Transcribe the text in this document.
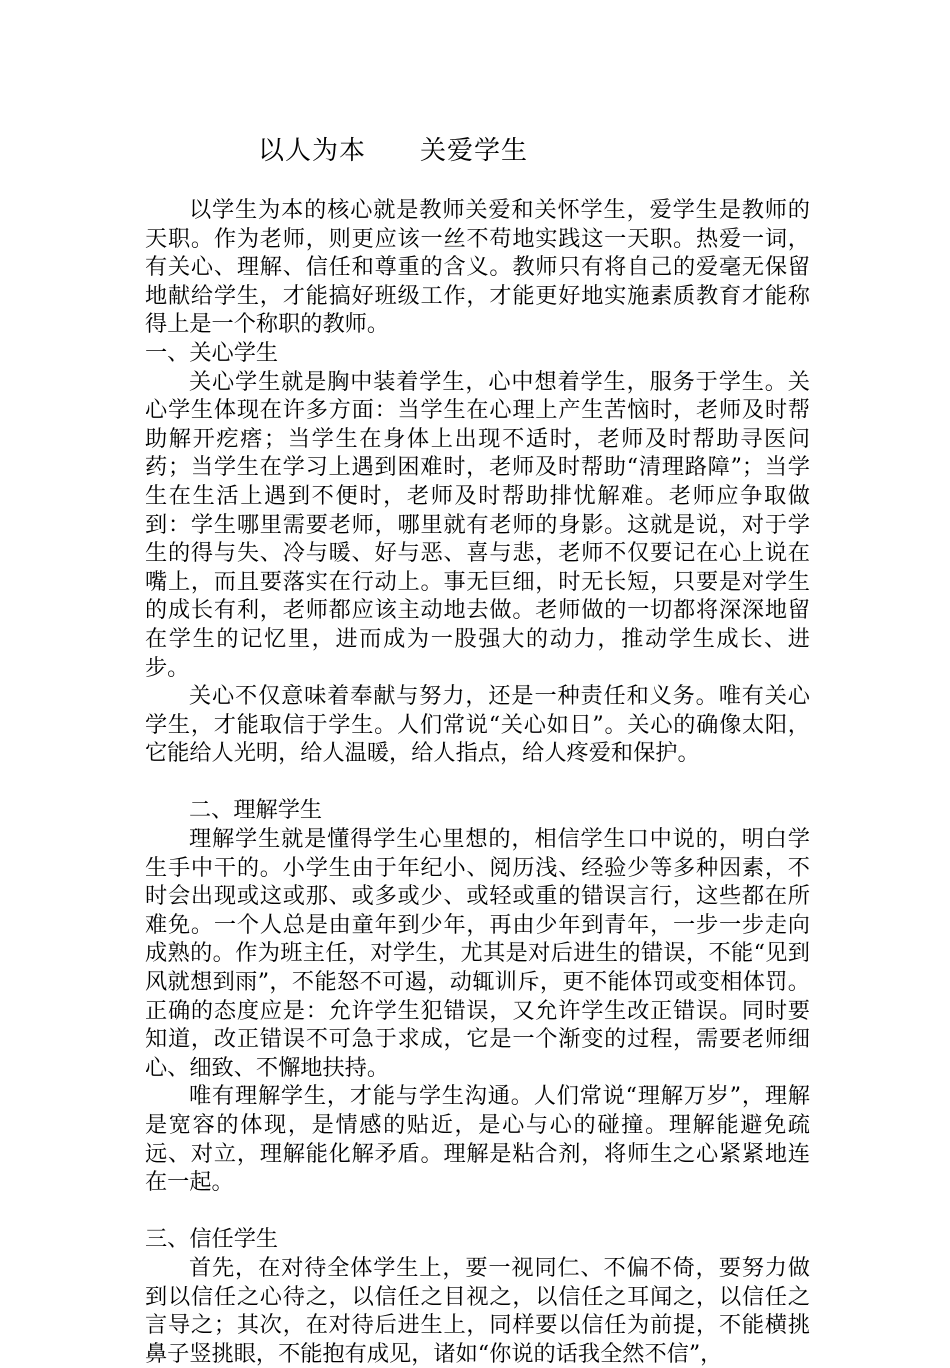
以人为本　　关爱学生

以学生为本的核心就是教师关爱和关怀学生，爱学生是教师的天职。作为老师，则更应该一丝不苟地实践这一天职。热爱一词，有关心、理解、信任和尊重的含义。教师只有将自己的爱毫无保留地献给学生，才能搞好班级工作，才能更好地实施素质教育才能称得上是一个称职的教师。

一、关心学生

关心学生就是胸中装着学生，心中想着学生，服务于学生。关心学生体现在许多方面：当学生在心理上产生苦恼时，老师及时帮助解开疙瘩；当学生在身体上出现不适时，老师及时帮助寻医问药；当学生在学习上遇到困难时，老师及时帮助“清理路障”；当学生在生活上遇到不便时，老师及时帮助排忧解难。老师应争取做到：学生哪里需要老师，哪里就有老师的身影。这就是说，对于学生的得与失、冷与暖、好与恶、喜与悲，老师不仅要记在心上说在嘴上，而且要落实在行动上。事无巨细，时无长短，只要是对学生的成长有利，老师都应该主动地去做。老师做的一切都将深深地留在学生的记忆里，进而成为一股强大的动力，推动学生成长、进步。

关心不仅意味着奉献与努力，还是一种责任和义务。唯有关心学生，才能取信于学生。人们常说“关心如日”。关心的确像太阳，它能给人光明，给人温暖，给人指点，给人疼爱和保护。

二、理解学生

理解学生就是懂得学生心里想的，相信学生口中说的，明白学生手中干的。小学生由于年纪小、阅历浅、经验少等多种因素，不时会出现或这或那、或多或少、或轻或重的错误言行，这些都在所难免。一个人总是由童年到少年，再由少年到青年，一步一步走向成熟的。作为班主任，对学生，尤其是对后进生的错误，不能“见到风就想到雨”，不能怒不可遏，动辄训斥，更不能体罚或变相体罚。正确的态度应是：允许学生犯错误，又允许学生改正错误。同时要知道，改正错误不可急于求成，它是一个渐变的过程，需要老师细心、细致、不懈地扶持。

唯有理解学生，才能与学生沟通。人们常说“理解万岁”，理解是宽容的体现，是情感的贴近，是心与心的碰撞。理解能避免疏远、对立，理解能化解矛盾。理解是粘合剂，将师生之心紧紧地连在一起。

三、信任学生

首先，在对待全体学生上，要一视同仁、不偏不倚，要努力做到以信任之心待之，以信任之目视之，以信任之耳闻之，以信任之言导之；其次，在对待后进生上，同样要以信任为前提，不能横挑鼻子竖挑眼，不能抱有成见，诸如“你说的话我全然不信”，
